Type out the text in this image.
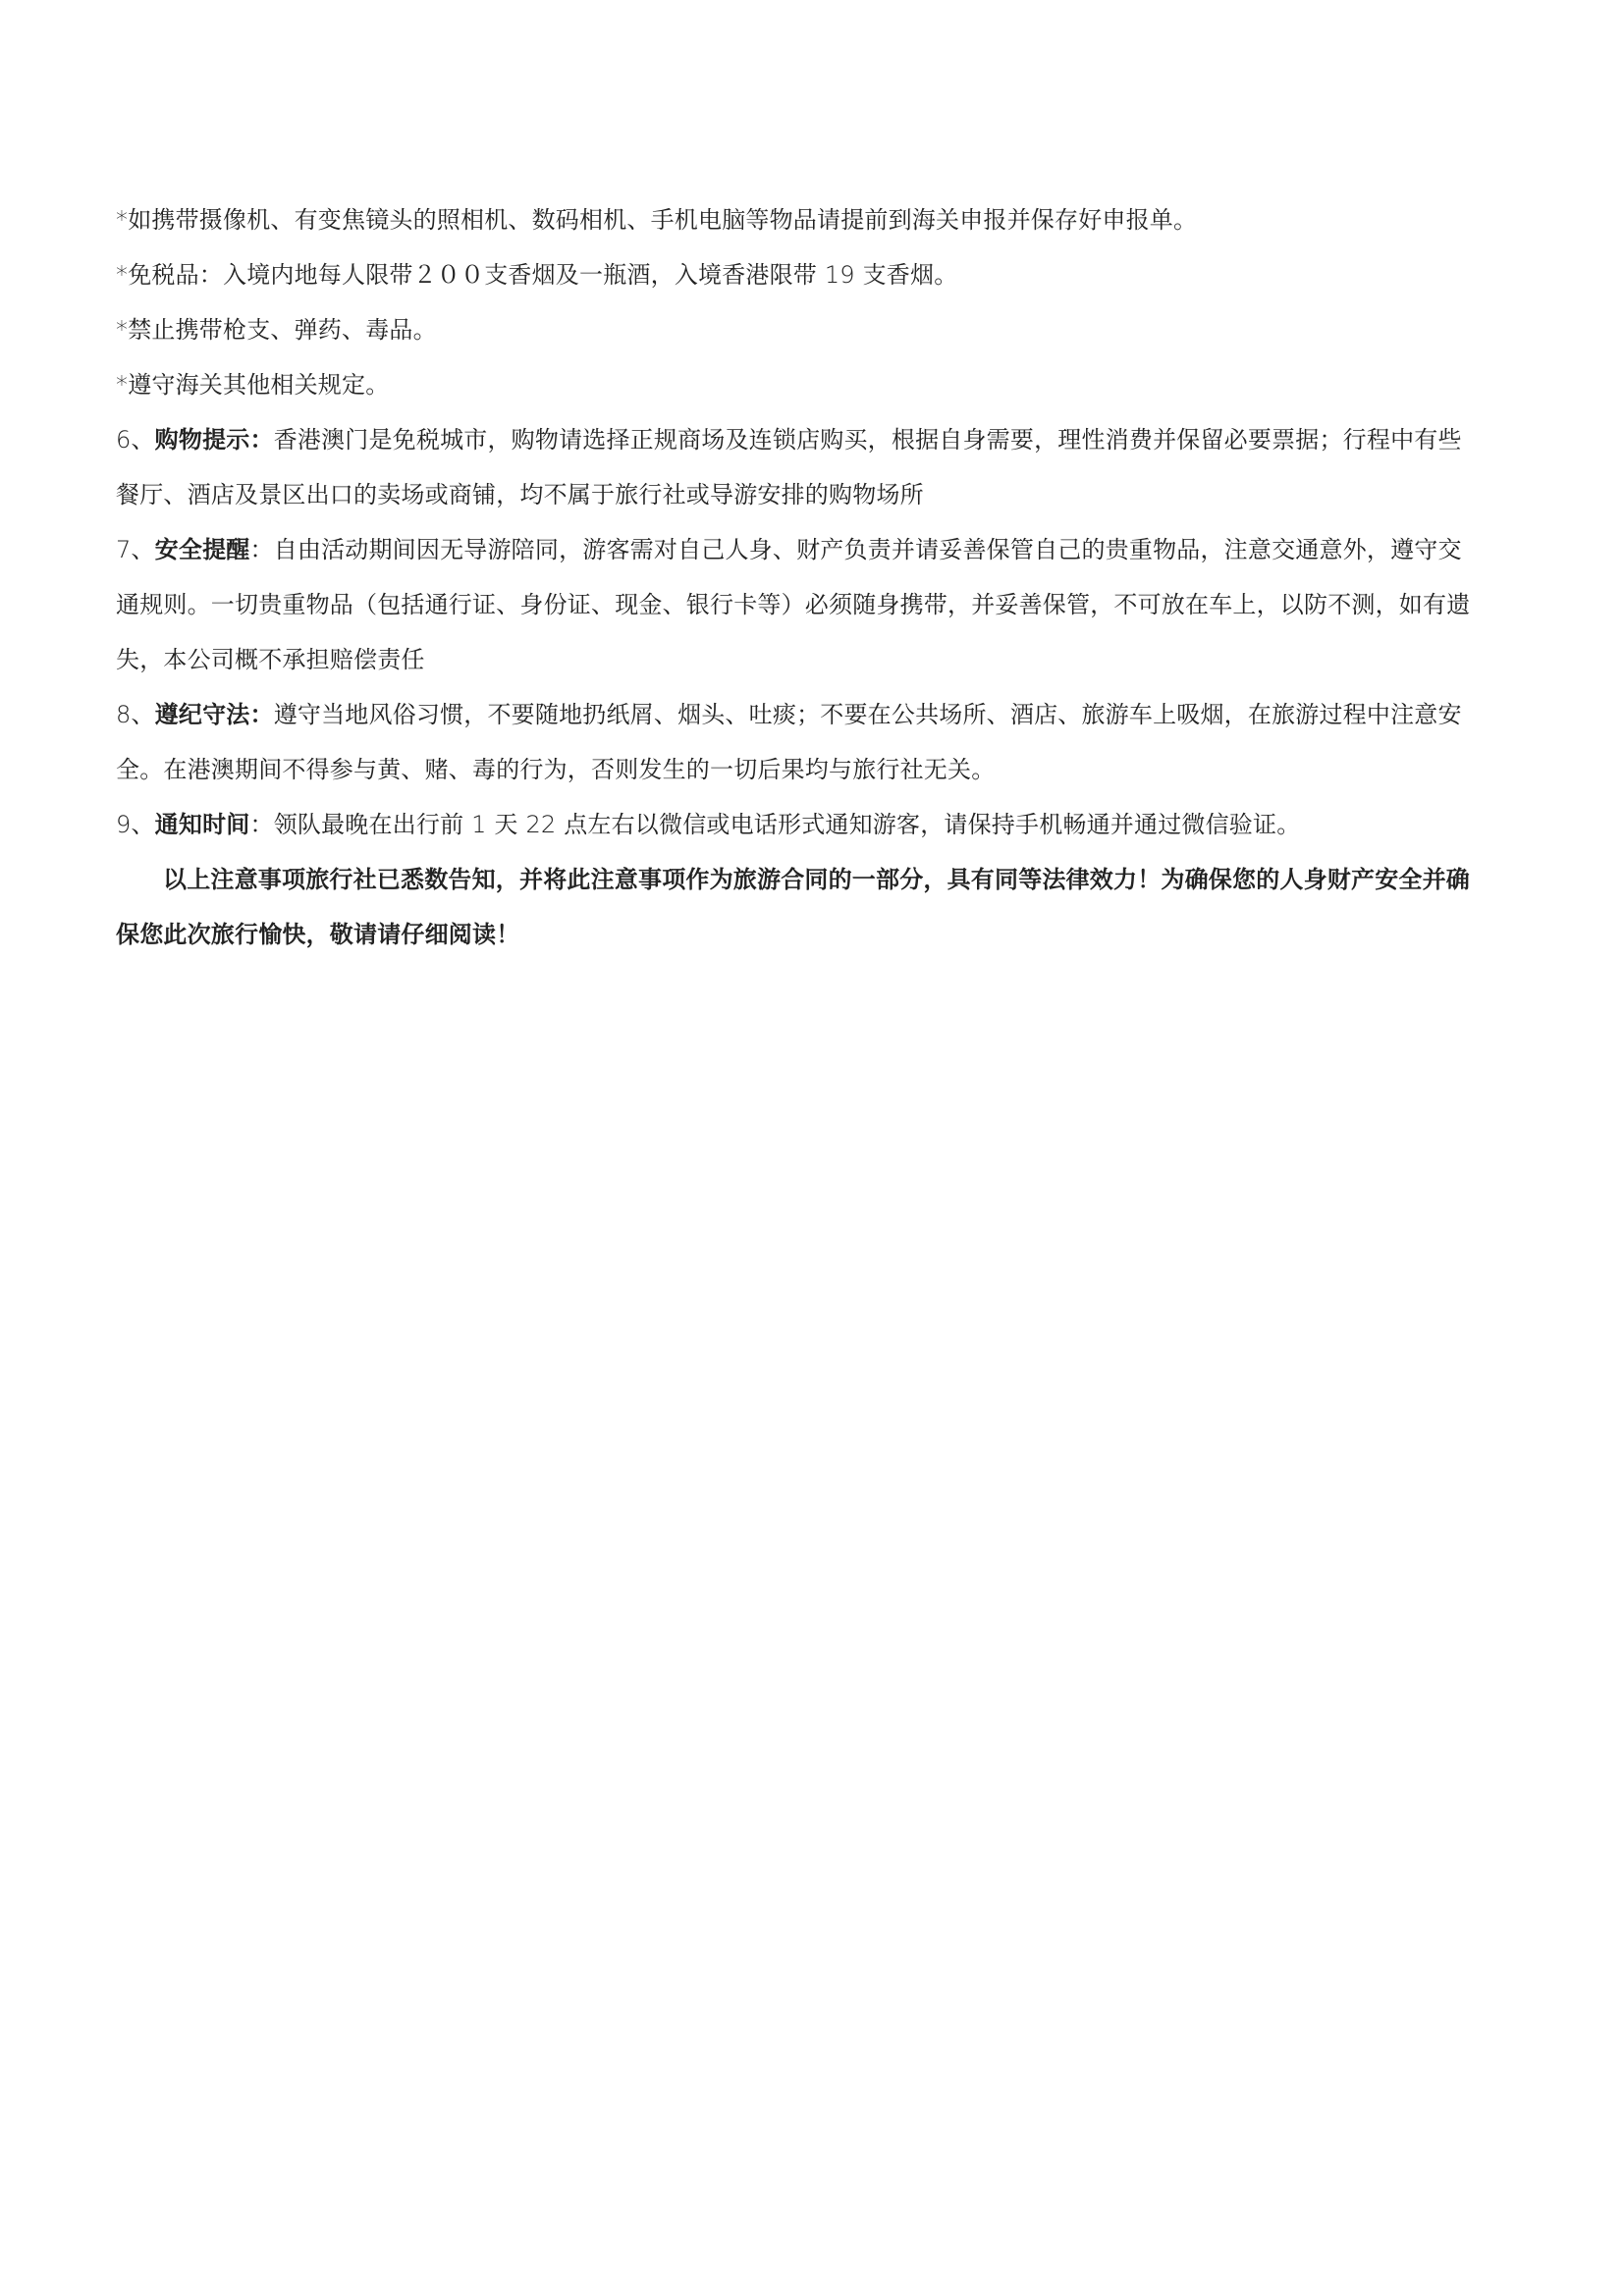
*如携带摄像机、有变焦镜头的照相机、数码相机、手机电脑等物品请提前到海关申报并保存好申报单。
*免税品：入境内地每人限带２００支香烟及一瓶酒，入境香港限带 19 支香烟。
*禁止携带枪支、弹药、毒品。
*遵守海关其他相关规定。
6、购物提示：香港澳门是免税城市，购物请选择正规商场及连锁店购买，根据自身需要，理性消费并保留必要票据；行程中有些
餐厅、酒店及景区出口的卖场或商铺，均不属于旅行社或导游安排的购物场所
7、安全提醒：自由活动期间因无导游陪同，游客需对自己人身、财产负责并请妥善保管自己的贵重物品，注意交通意外，遵守交
通规则。一切贵重物品（包括通行证、身份证、现金、银行卡等）必须随身携带，并妥善保管，不可放在车上，以防不测，如有遗
失，本公司概不承担赔偿责任
8、遵纪守法：遵守当地风俗习惯，不要随地扔纸屑、烟头、吐痰；不要在公共场所、酒店、旅游车上吸烟，在旅游过程中注意安
全。在港澳期间不得参与黄、赌、毒的行为，否则发生的一切后果均与旅行社无关。
9、通知时间：领队最晚在出行前 1 天 22 点左右以微信或电话形式通知游客，请保持手机畅通并通过微信验证。
以上注意事项旅行社已悉数告知，并将此注意事项作为旅游合同的一部分，具有同等法律效力！为确保您的人身财产安全并确
保您此次旅行愉快，敬请请仔细阅读！
